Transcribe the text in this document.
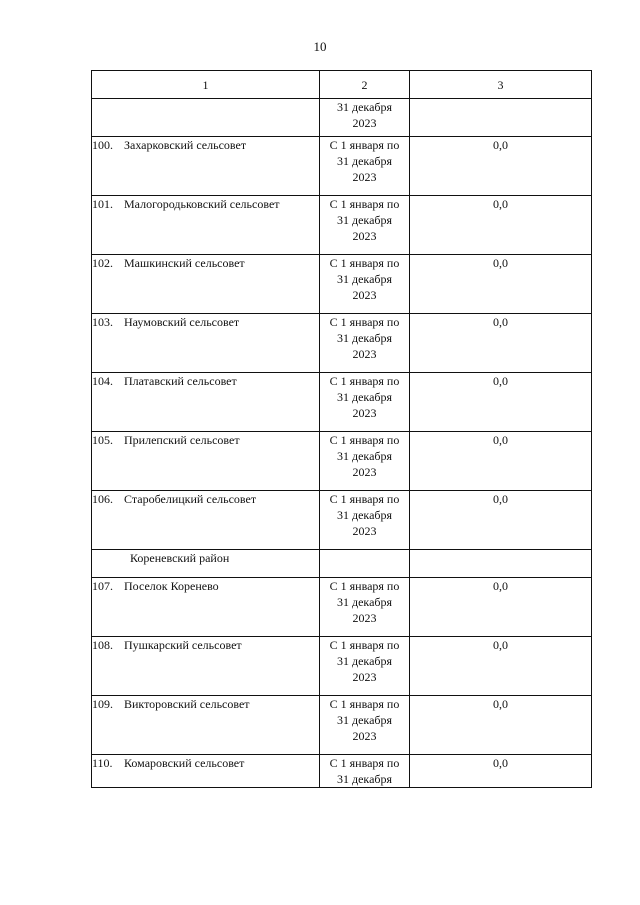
10
1	2	3

	31 декабря
2023	

100. Захарковский сельсовет	С 1 января по
31 декабря
2023	0,0
101. Малогородьковский сельсовет	С 1 января по
31 декабря
2023	0,0
102. Машкинский сельсовет	С 1 января по
31 декабря
2023	0,0
103. Наумовский сельсовет	С 1 января по
31 декабря
2023	0,0
104. Платавский сельсовет	С 1 января по
31 декабря
2023	0,0
105. Прилепский сельсовет	С 1 января по
31 декабря
2023	0,0
106. Старобелицкий сельсовет	С 1 января по
31 декабря
2023	0,0
Кореневский район		
107. Поселок Коренево	С 1 января по
31 декабря
2023	0,0
108. Пушкарский сельсовет	С 1 января по
31 декабря
2023	0,0
109. Викторовский сельсовет	С 1 января по
31 декабря
2023	0,0
110. Комаровский сельсовет	С 1 января по
31 декабря	0,0
